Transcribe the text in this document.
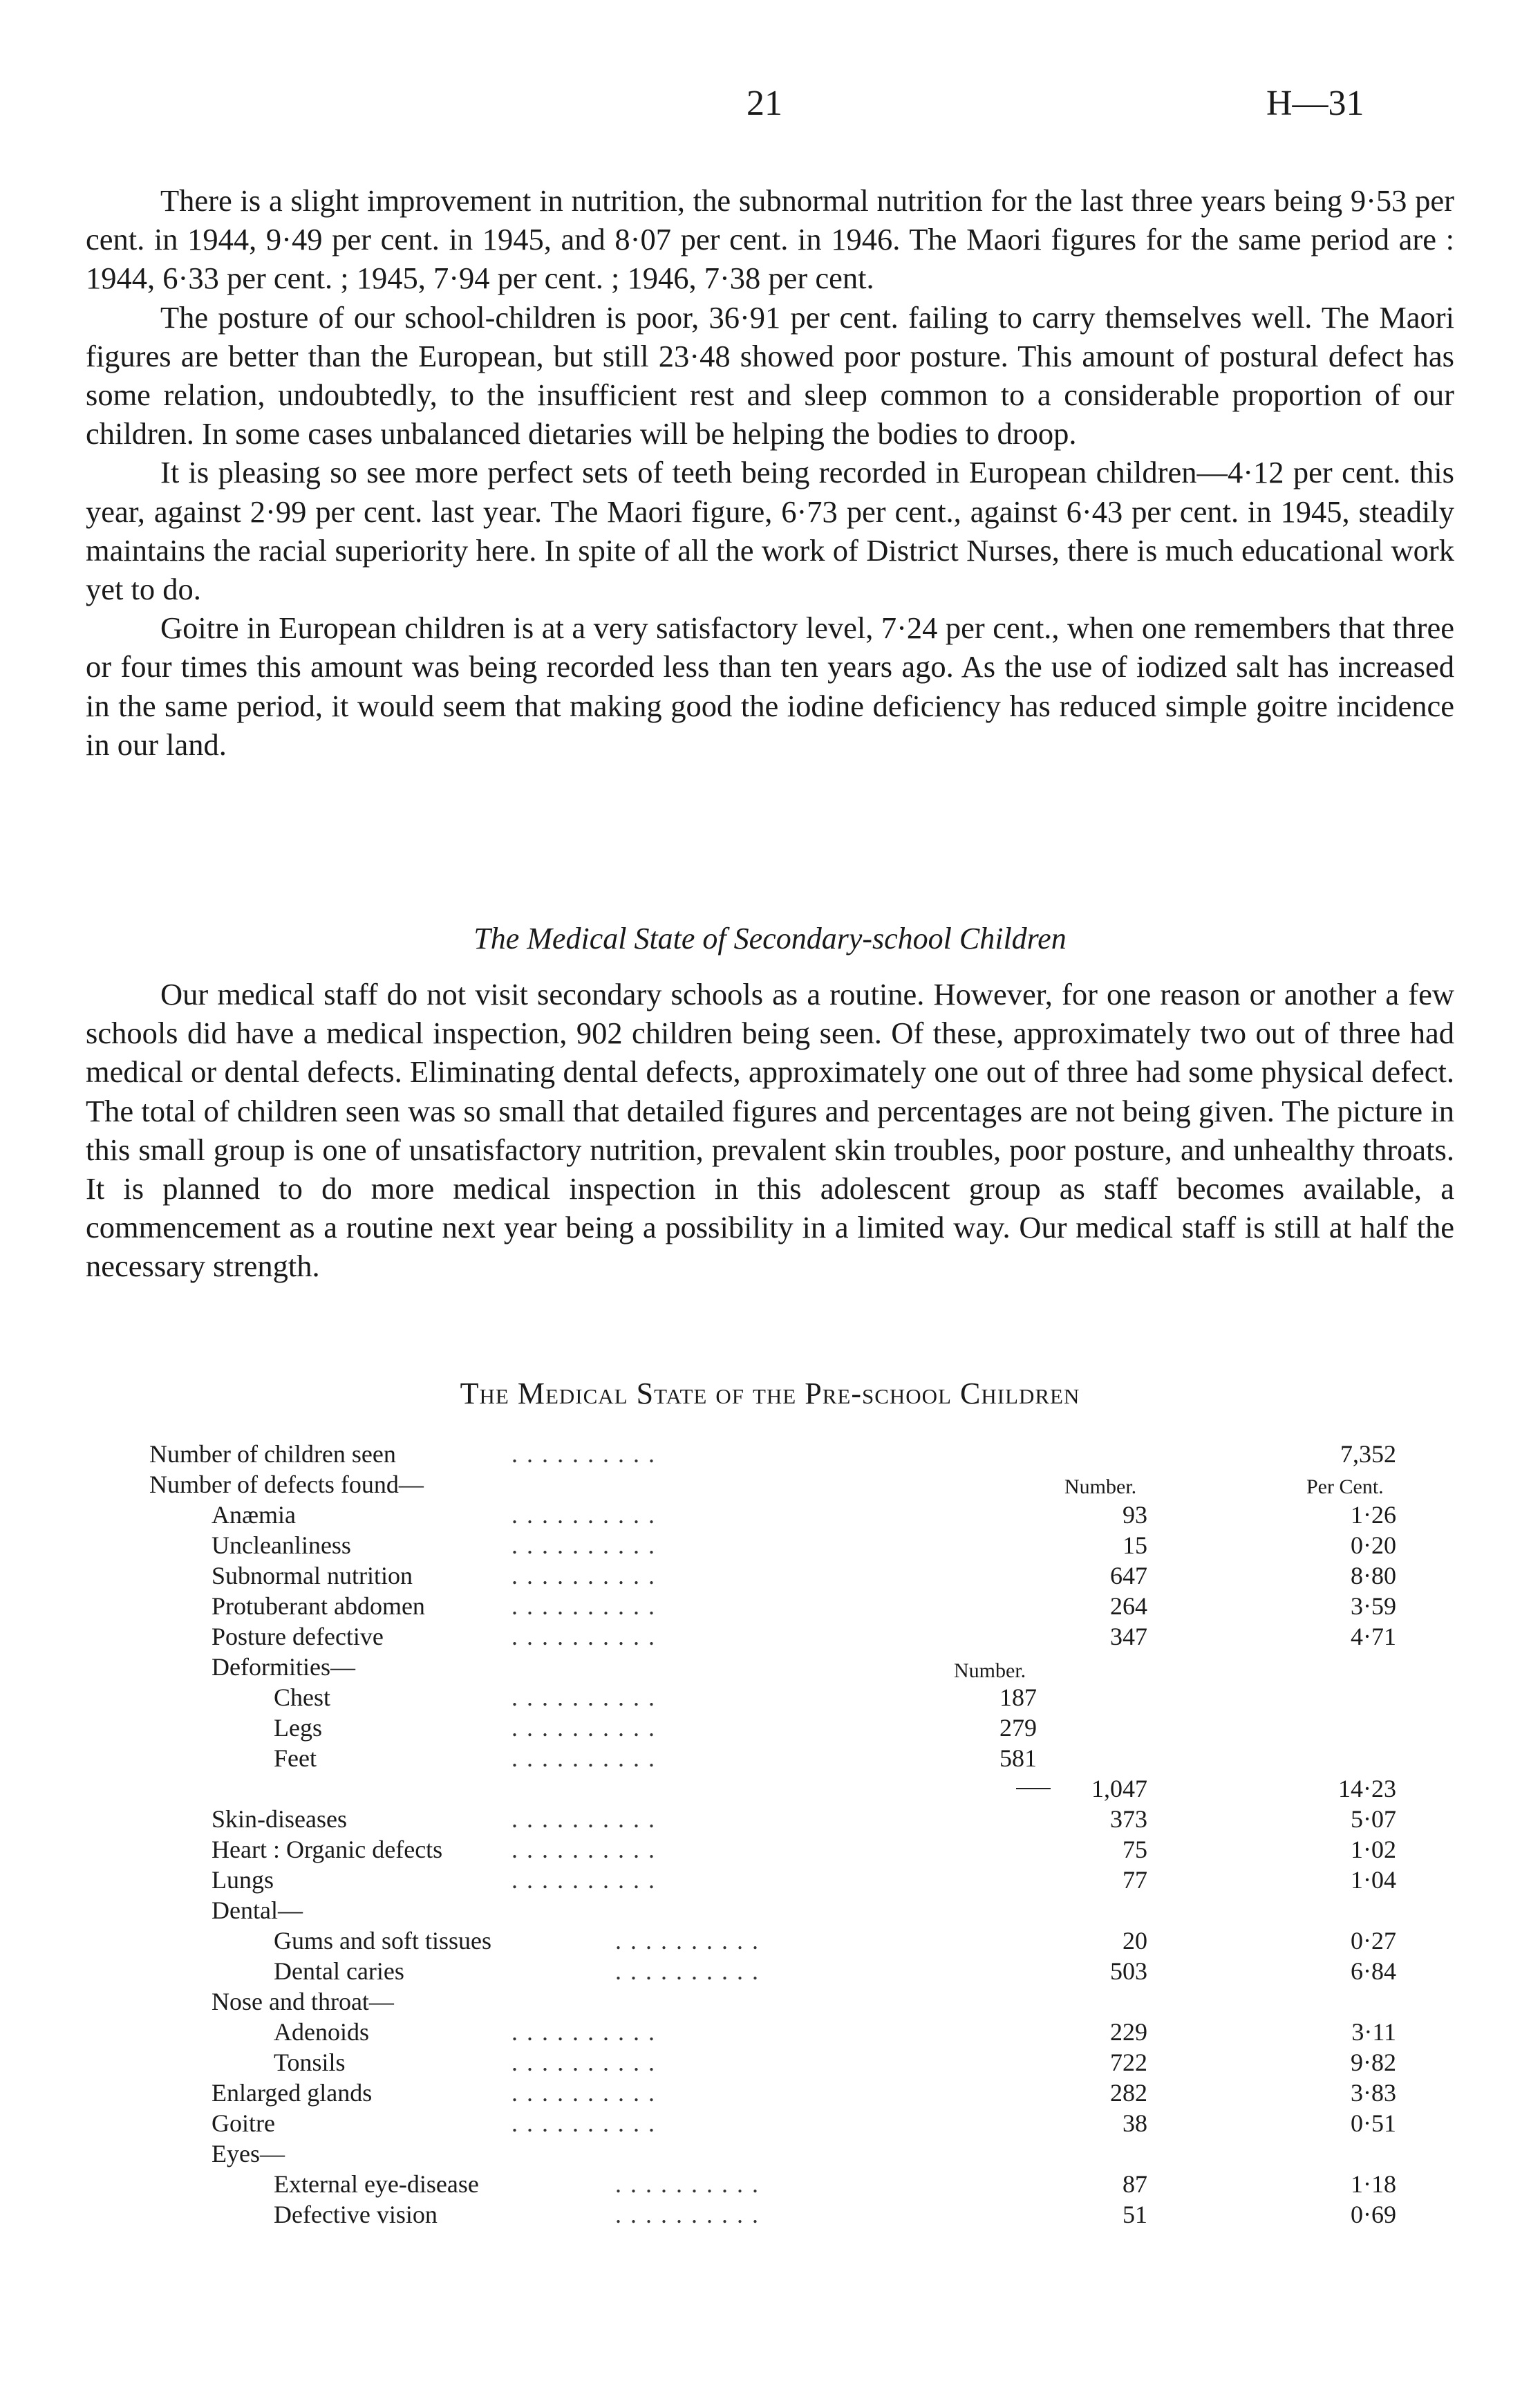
21	H—31

There is a slight improvement in nutrition, the subnormal nutrition for the last three years being 9·53 per cent. in 1944, 9·49 per cent. in 1945, and 8·07 per cent. in 1946. The Maori figures for the same period are : 1944, 6·33 per cent. ; 1945, 7·94 per cent. ; 1946, 7·38 per cent.

The posture of our school-children is poor, 36·91 per cent. failing to carry themselves well. The Maori figures are better than the European, but still 23·48 showed poor posture. This amount of postural defect has some relation, undoubtedly, to the insufficient rest and sleep common to a considerable proportion of our children. In some cases unbalanced dietaries will be helping the bodies to droop.

It is pleasing so see more perfect sets of teeth being recorded in European children—4·12 per cent. this year, against 2·99 per cent. last year. The Maori figure, 6·73 per cent., against 6·43 per cent. in 1945, steadily maintains the racial superiority here. In spite of all the work of District Nurses, there is much educational work yet to do.

Goitre in European children is at a very satisfactory level, 7·24 per cent., when one remembers that three or four times this amount was being recorded less than ten years ago. As the use of iodized salt has increased in the same period, it would seem that making good the iodine deficiency has reduced simple goitre incidence in our land.

The Medical State of Secondary-school Children

Our medical staff do not visit secondary schools as a routine. However, for one reason or another a few schools did have a medical inspection, 902 children being seen. Of these, approximately two out of three had medical or dental defects. Eliminating dental defects, approximately one out of three had some physical defect. The total of children seen was so small that detailed figures and percentages are not being given. The picture in this small group is one of unsatisfactory nutrition, prevalent skin troubles, poor posture, and unhealthy throats. It is planned to do more medical inspection in this adolescent group as staff becomes available, a commencement as a routine next year being a possibility in a limited way. Our medical staff is still at half the necessary strength.

The Medical State of the Pre-school Children
Number of children seen	. . . . . . . . . .	7,352
Number of defects found—	Number.	Per Cent.
Anæmia	. . . . . . . . . .	93	1·26
Uncleanliness	. . . . . . . . . .	15	0·20
Subnormal nutrition	. . . . . . . . . .	647	8·80
Protuberant abdomen	. . . . . . . . . .	264	3·59
Posture defective	. . . . . . . . . .	347	4·71
Deformities—	Number.
Chest	. . . . . . . . . .	187
Legs	. . . . . . . . . .	279
Feet	. . . . . . . . . .	581
1,047	14·23
Skin-diseases	. . . . . . . . . .	373	5·07
Heart : Organic defects	. . . . . . . . . .	75	1·02
Lungs	. . . . . . . . . .	77	1·04
Dental—
Gums and soft tissues	. . . . . . . . . .	20	0·27
Dental caries	. . . . . . . . . .	503	6·84
Nose and throat—
Adenoids	. . . . . . . . . .	229	3·11
Tonsils	. . . . . . . . . .	722	9·82
Enlarged glands	. . . . . . . . . .	282	3·83
Goitre	. . . . . . . . . .	38	0·51
Eyes—
External eye-disease	. . . . . . . . . .	87	1·18
Defective vision	. . . . . . . . . .	51	0·69
